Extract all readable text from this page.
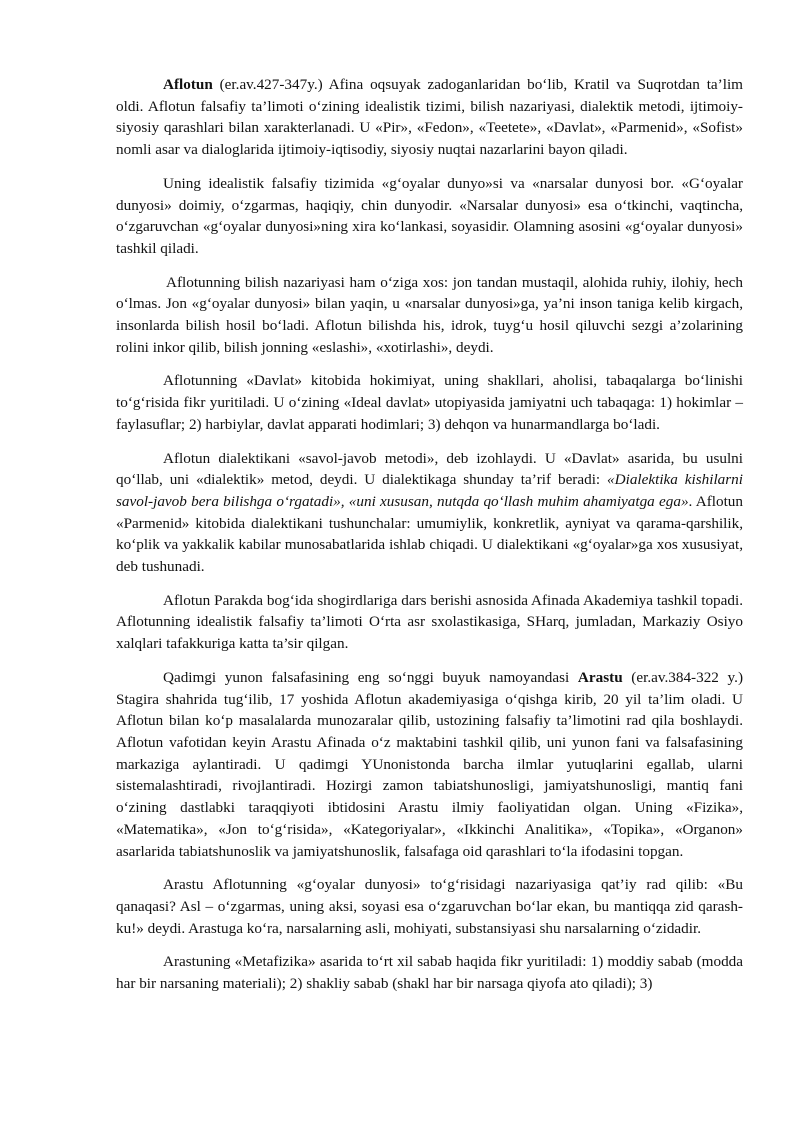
Aflotun (er.av.427-347y.) Afina oqsuyak zadoganlaridan bo‘lib, Kratil va Suqrotdan ta’lim oldi. Aflotun falsafiy ta’limoti o‘zining idealistik tizimi, bilish nazariyasi, dialektik metodi, ijtimoiy-siyosiy qarashlari bilan xarakterlanadi. U «Pir», «Fedon», «Teetete», «Davlat», «Parmenid», «Sofist» nomli asar va dialoglarida ijtimoiy-iqtisodiy, siyosiy nuqtai nazarlarini bayon qiladi.

Uning idealistik falsafiy tizimida «g‘oyalar dunyo»si va «narsalar dunyosi bor. «G‘oyalar dunyosi» doimiy, o‘zgarmas, haqiqiy, chin dunyodir. «Narsalar dunyosi» esa o‘tkinchi, vaqtincha, o‘zgaruvchan «g‘oyalar dunyosi»ning xira ko‘lankasi, soyasidir. Olamning asosini «g‘oyalar dunyosi» tashkil qiladi.

Aflotunning bilish nazariyasi ham o‘ziga xos: jon tandan mustaqil, alohida ruhiy, ilohiy, hech o‘lmas. Jon «g‘oyalar dunyosi» bilan yaqin, u «narsalar dunyosi»ga, ya’ni inson taniga kelib kirgach, insonlarda bilish hosil bo‘ladi. Aflotun bilishda his, idrok, tuyg‘u hosil qiluvchi sezgi a’zolarining rolini inkor qilib, bilish jonning «eslashi», «xotirlashi», deydi.

Aflotunning «Davlat» kitobida hokimiyat, uning shakllari, aholisi, tabaqalarga bo‘linishi to‘g‘risida fikr yuritiladi. U o‘zining «Ideal davlat» utopiyasida jamiyatni uch tabaqaga: 1) hokimlar – faylasuflar; 2) harbiylar, davlat apparati hodimlari; 3) dehqon va hunarmandlarga bo‘ladi.

Aflotun dialektikani «savol-javob metodi», deb izohlaydi. U «Davlat» asarida, bu usulni qo‘llab, uni «dialektik» metod, deydi. U dialektikaga shunday ta’rif beradi: «Dialektika kishilarni savol-javob bera bilishga o‘rgatadi», «uni xususan, nutqda qo‘llash muhim ahamiyatga ega». Aflotun «Parmenid» kitobida dialektikani tushunchalar: umumiylik, konkretlik, ayniyat va qarama-qarshilik, ko‘plik va yakkalik kabilar munosabatlarida ishlab chiqadi. U dialektikani «g‘oyalar»ga xos xususiyat, deb tushunadi.

Aflotun Parakda bog‘ida shogirdlariga dars berishi asnosida Afinada Akademiya tashkil topadi. Aflotunning idealistik falsafiy ta’limoti O‘rta asr sxolastikasiga, SHarq, jumladan, Markaziy Osiyo xalqlari tafakkuriga katta ta’sir qilgan.

Qadimgi yunon falsafasining eng so‘nggi buyuk namoyandasi Arastu (er.av.384-322 y.) Stagira shahrida tug‘ilib, 17 yoshida Aflotun akademiyasiga o‘qishga kirib, 20 yil ta’lim oladi. U Aflotun bilan ko‘p masalalarda munozaralar qilib, ustozining falsafiy ta’limotini rad qila boshlaydi. Aflotun vafotidan keyin Arastu Afinada o‘z maktabini tashkil qilib, uni yunon fani va falsafasining markaziga aylantiradi. U qadimgi YUnonistonda barcha ilmlar yutuqlarini egallab, ularni sistemalashtiradi, rivojlantiradi. Hozirgi zamon tabiatshunosligi, jamiyatshunosligi, mantiq fani o‘zining dastlabki taraqqiyoti ibtidosini Arastu ilmiy faoliyatidan olgan. Uning «Fizika», «Matematika», «Jon to‘g‘risida», «Kategoriyalar», «Ikkinchi Analitika», «Topika», «Organon» asarlarida tabiatshunoslik va jamiyatshunoslik, falsafaga oid qarashlari to‘la ifodasini topgan.

Arastu Aflotunning «g‘oyalar dunyosi» to‘g‘risidagi nazariyasiga qat’iy rad qilib: «Bu qanaqasi? Asl – o‘zgarmas, uning aksi, soyasi esa o‘zgaruvchan bo‘lar ekan, bu mantiqqa zid qarash-ku!» deydi. Arastuga ko‘ra, narsalarning asli, mohiyati, substansiyasi shu narsalarning o‘zidadir.

Arastuning «Metafizika» asarida to‘rt xil sabab haqida fikr yuritiladi: 1) moddiy sabab (modda har bir narsaning materiali); 2) shakliy sabab (shakl har bir narsaga qiyofa ato qiladi); 3)
